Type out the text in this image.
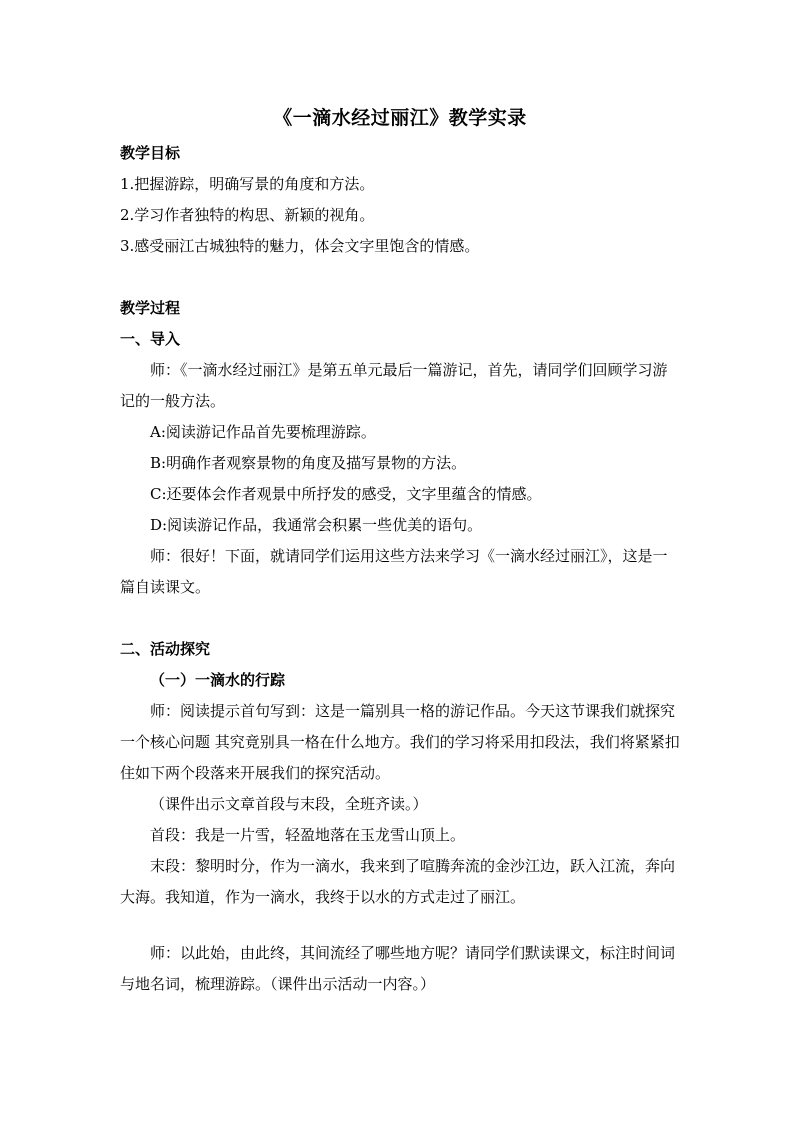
《一滴水经过丽江》教学实录
教学目标
1.把握游踪，明确写景的角度和方法。
2.学习作者独特的构思、新颖的视角。
3.感受丽江古城独特的魅力，体会文字里饱含的情感。
教学过程
一、导入
师：《一滴水经过丽江》是第五单元最后一篇游记，首先，请同学们回顾学习游记的一般方法。
A:阅读游记作品首先要梳理游踪。
B:明确作者观察景物的角度及描写景物的方法。
C:还要体会作者观景中所抒发的感受，文字里蕴含的情感。
D:阅读游记作品，我通常会积累一些优美的语句。
师：很好！下面，就请同学们运用这些方法来学习《一滴水经过丽江》，这是一篇自读课文。
二、活动探究
（一）一滴水的行踪
师：阅读提示首句写到：这是一篇别具一格的游记作品。今天这节课我们就探究一个核心问题 其究竟别具一格在什么地方。我们的学习将采用扣段法，我们将紧紧扣住如下两个段落来开展我们的探究活动。
（课件出示文章首段与末段，全班齐读。）
首段：我是一片雪，轻盈地落在玉龙雪山顶上。
末段：黎明时分，作为一滴水，我来到了喧腾奔流的金沙江边，跃入江流，奔向大海。我知道，作为一滴水，我终于以水的方式走过了丽江。
师：以此始，由此终，其间流经了哪些地方呢？请同学们默读课文，标注时间词与地名词，梳理游踪。（课件出示活动一内容。）
